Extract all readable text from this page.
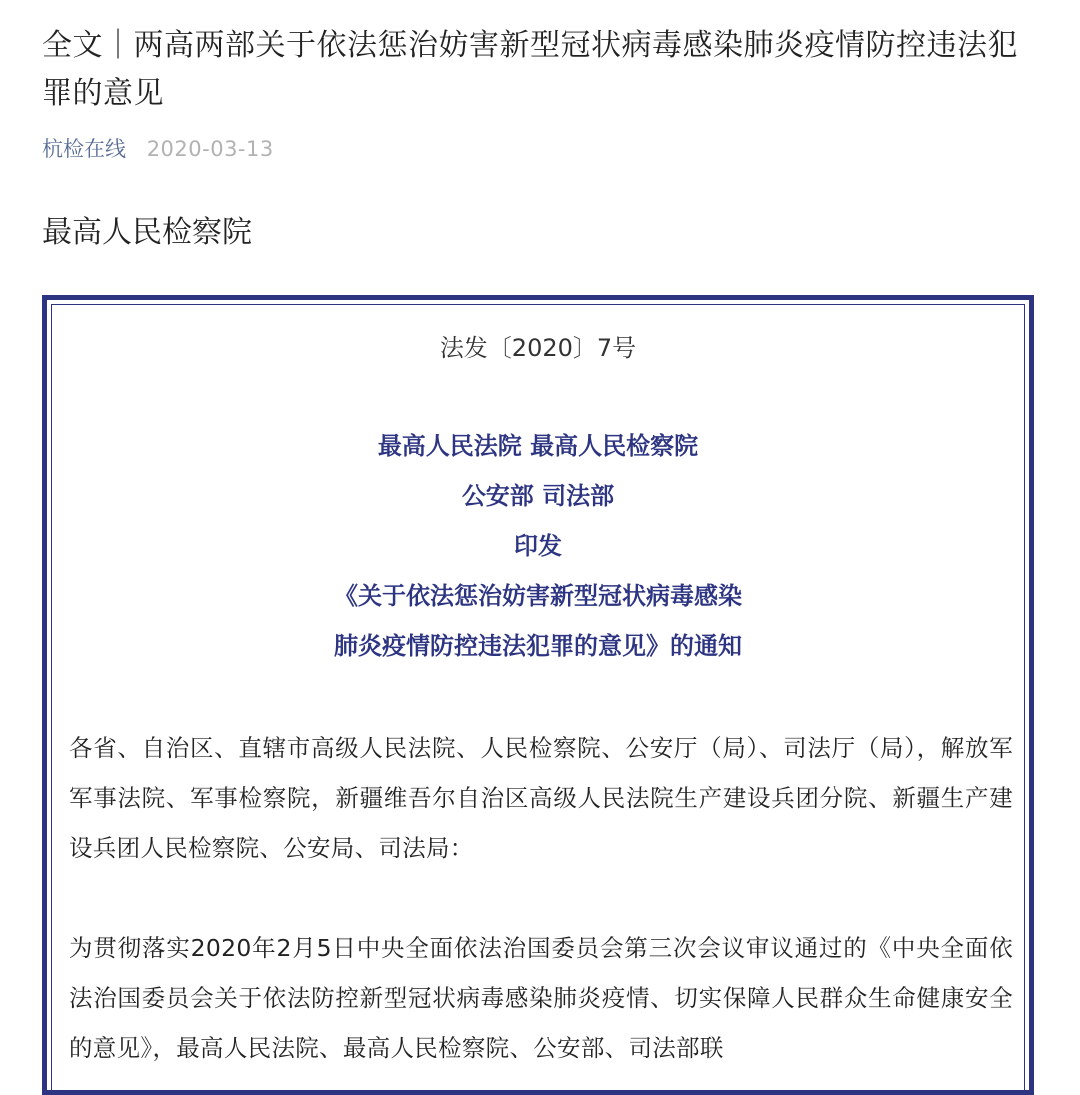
全文｜两高两部关于依法惩治妨害新型冠状病毒感染肺炎疫情防控违法犯罪的意见
杭检在线 2020-03-13
最高人民检察院
法发〔2020〕7号
最高人民法院 最高人民检察院
公安部 司法部
印发
《关于依法惩治妨害新型冠状病毒感染
肺炎疫情防控违法犯罪的意见》的通知
各省、自治区、直辖市高级人民法院、人民检察院、公安厅（局）、司法厅（局），解放军军事法院、军事检察院，新疆维吾尔自治区高级人民法院生产建设兵团分院、新疆生产建设兵团人民检察院、公安局、司法局：
为贯彻落实2020年2月5日中央全面依法治国委员会第三次会议审议通过的《中央全面依法治国委员会关于依法防控新型冠状病毒感染肺炎疫情、切实保障人民群众生命健康安全的意见》，最高人民法院、最高人民检察院、公安部、司法部联
